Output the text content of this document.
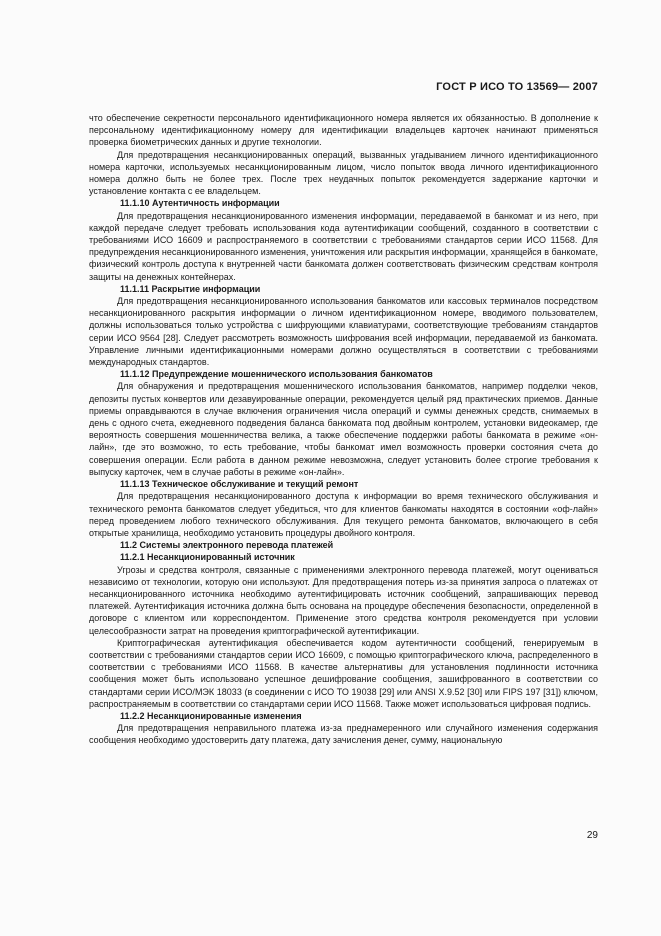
ГОСТ Р ИСО ТО 13569— 2007

что обеспечение секретности персонального идентификационного номера является их обязанностью. В дополнение к персональному идентификационному номеру для идентификации владельцев карточек начинают применяться проверка биометрических данных и другие технологии.

Для предотвращения несанкционированных операций, вызванных угадыванием личного идентификационного номера карточки, используемых несанкционированным лицом, число попыток ввода личного идентификационного номера должно быть не более трех. После трех неудачных попыток рекомендуется задержание карточки и установление контакта с ее владельцем.

11.1.10 Аутентичность информации

Для предотвращения несанкционированного изменения информации, передаваемой в банкомат и из него, при каждой передаче следует требовать использования кода аутентификации сообщений, созданного в соответствии с требованиями ИСО 16609 и распространяемого в соответствии с требованиями стандартов серии ИСО 11568. Для предупреждения несанкционированного изменения, уничтожения или раскрытия информации, хранящейся в банкомате, физический контроль доступа к внутренней части банкомата должен соответствовать физическим средствам контроля защиты на денежных контейнерах.

11.1.11 Раскрытие информации

Для предотвращения несанкционированного использования банкоматов или кассовых терминалов посредством несанкционированного раскрытия информации о личном идентификационном номере, вводимого пользователем, должны использоваться только устройства с шифрующими клавиатурами, соответствующие требованиям стандартов серии ИСО 9564 [28]. Следует рассмотреть возможность шифрования всей информации, передаваемой из банкомата. Управление личными идентификационными номерами должно осуществляться в соответствии с требованиями международных стандартов.

11.1.12 Предупреждение мошеннического использования банкоматов

Для обнаружения и предотвращения мошеннического использования банкоматов, например подделки чеков, депозиты пустых конвертов или дезавуированные операции, рекомендуется целый ряд практических приемов. Данные приемы оправдываются в случае включения ограничения числа операций и суммы денежных средств, снимаемых в день с одного счета, ежедневного подведения баланса банкомата под двойным контролем, установки видеокамер, где вероятность совершения мошенничества велика, а также обеспечение поддержки работы банкомата в режиме «он-лайн», где это возможно, то есть требование, чтобы банкомат имел возможность проверки состояния счета до совершения операции. Если работа в данном режиме невозможна, следует установить более строгие требования к выпуску карточек, чем в случае работы в режиме «он-лайн».

11.1.13 Техническое обслуживание и текущий ремонт

Для предотвращения несанкционированного доступа к информации во время технического обслуживания и технического ремонта банкоматов следует убедиться, что для клиентов банкоматы находятся в состоянии «оф-лайн» перед проведением любого технического обслуживания. Для текущего ремонта банкоматов, включающего в себя открытые хранилища, необходимо установить процедуры двойного контроля.

11.2 Системы электронного перевода платежей

11.2.1 Несанкционированный источник

Угрозы и средства контроля, связанные с применениями электронного перевода платежей, могут оцениваться независимо от технологии, которую они используют. Для предотвращения потерь из-за принятия запроса о платежах от несанкционированного источника необходимо аутентифицировать источник сообщений, запрашивающих перевод платежей. Аутентификация источника должна быть основана на процедуре обеспечения безопасности, определенной в договоре с клиентом или корреспондентом. Применение этого средства контроля рекомендуется при условии целесообразности затрат на проведения криптографической аутентификации.

Криптографическая аутентификация обеспечивается кодом аутентичности сообщений, генерируемым в соответствии с требованиями стандартов серии ИСО 16609, с помощью криптографического ключа, распределенного в соответствии с требованиями ИСО 11568. В качестве альтернативы для установления подлинности источника сообщения может быть использовано успешное дешифрование сообщения, зашифрованного в соответствии со стандартами серии ИСО/МЭК 18033 (в соединении с ИСО ТО 19038 [29] или ANSI X.9.52 [30] или FIPS 197 [31]) ключом, распространяемым в соответствии со стандартами серии ИСО 11568. Также может использоваться цифровая подпись.

11.2.2 Несанкционированные изменения

Для предотвращения неправильного платежа из-за преднамеренного или случайного изменения содержания сообщения необходимо удостоверить дату платежа, дату зачисления денег, сумму, национальную

29
